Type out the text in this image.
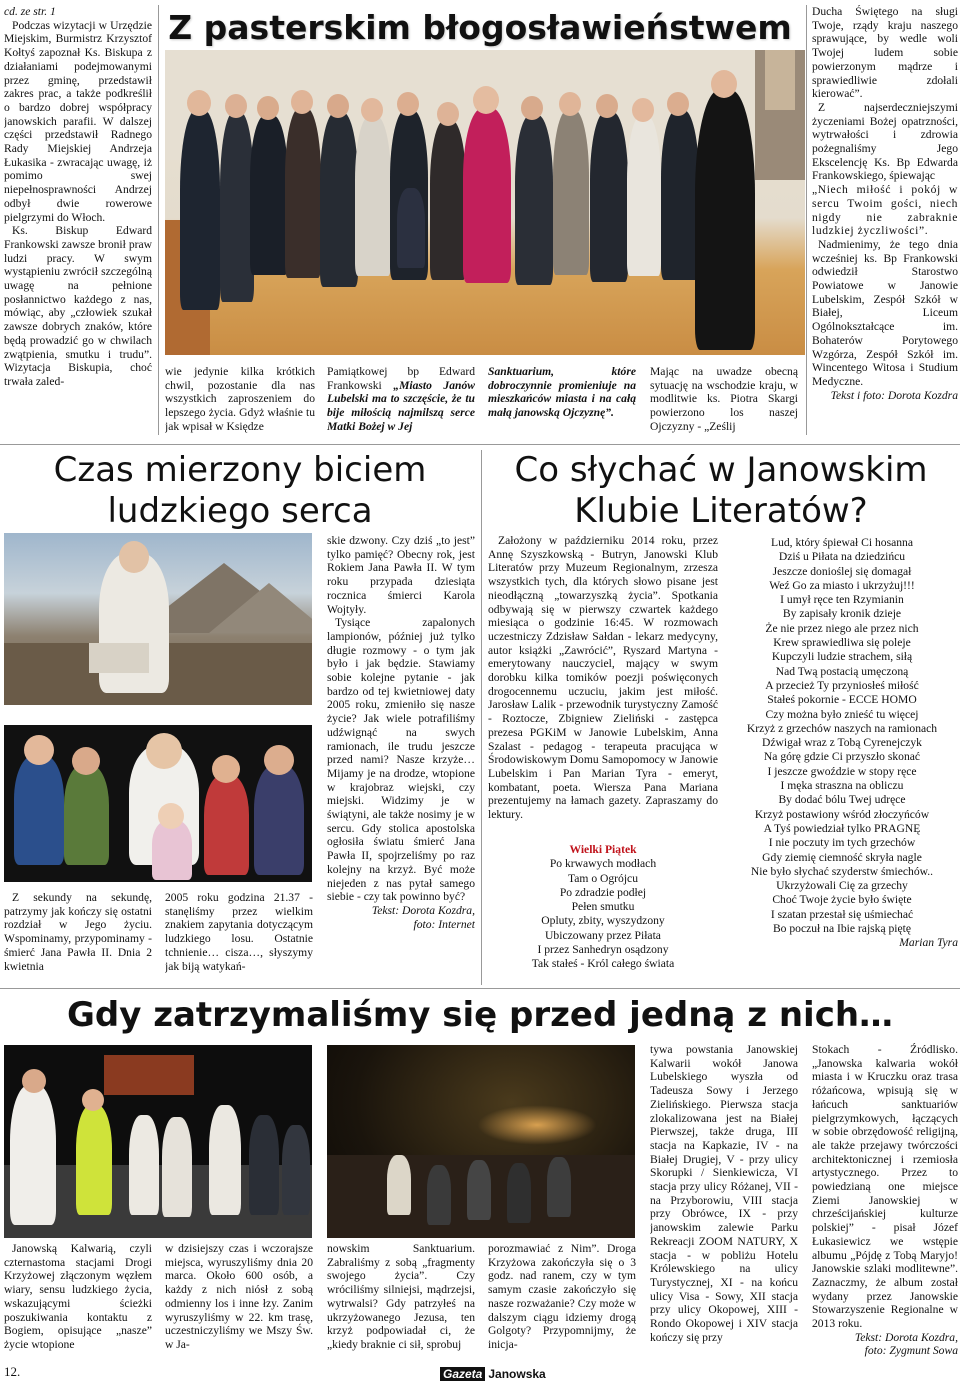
cd. ze str. 1

Podczas wizytacji w Urzędzie Miejskim, Burmistrz Krzysztof Kołtyś zapoznał Ks. Biskupa z działaniami podejmowanymi przez gminę, przedstawił zakres prac, a także podkreślił o bardzo dobrej współpracy janowskich parafii. W dalszej części przedstawił Radnego Rady Miejskiej Andrzeja Łukasika - zwracając uwagę, iż pomimo swej niepełnosprawności Andrzej odbył dwie rowerowe pielgrzymi do Włoch.

Ks. Biskup Edward Frankowski zawsze bronił praw ludzi pracy. W swym wystąpieniu zwrócił szczególną uwagę na pełnione posłannictwo każdego z nas, mówiąc, aby „człowiek szukał zawsze dobrych znaków, które będą prowadzić go w chwilach zwątpienia, smutku i trudu”. Wizytacja Biskupia, choć trwała zaled-

Z pasterskim błogosławieństwem

wie jedynie kilka krótkich chwil, pozostanie dla nas wszystkich zaproszeniem do lepszego życia. Gdyż właśnie tu jak wpisał w Księdze

Pamiątkowej bp Edward Frankowski „Miasto Janów Lubelski ma to szczęście, że tu bije miłością najmilszą serce Matki Bożej w Jej

Sanktuarium, które dobroczynnie promieniuje na mieszkańców miasta i na całą małą janowską Ojczyznę”.

Mając na uwadze obecną sytuację na wschodzie kraju, w modlitwie ks. Piotra Skargi powierzono los naszej Ojczyzny - „Ześlij

Ducha Świętego na sługi Twoje, rządy kraju naszego sprawujące, by wedle woli Twojej ludem sobie powierzonym mądrze i sprawiedliwie zdołali kierować”.

Z najserdeczniejszymi życzeniami Bożej opatrzności, wytrwałości i zdrowia pożegnaliśmy Jego Ekscelencję Ks. Bp Edwarda Frankowskiego, śpiewając

„Niech miłość i pokój w sercu Twoim gości, niech nigdy nie zabraknie ludzkiej życzliwości”.

Nadmienimy, że tego dnia wcześniej ks. Bp Frankowski odwiedził Starostwo Powiatowe w Janowie Lubelskim, Zespół Szkół w Białej, Liceum Ogólnokształcące im. Bohaterów Porytowego Wzgórza, Zespół Szkół im. Wincentego Witosa i Studium Medyczne.

Tekst i foto: Dorota Kozdra

Czas mierzony biciem
ludzkiego serca

Z sekundy na sekundę, patrzymy jak kończy się ostatni rozdział w Jego życiu. Wspominamy, przypominamy - śmierć Jana Pawła II. Dnia 2 kwietnia

2005 roku godzina 21.37 - stanęliśmy przez wielkim znakiem zapytania dotyczącym ludzkiego losu. Ostatnie tchnienie… cisza…, słyszymy jak biją watykań-

skie dzwony. Czy dziś „to jest” tylko pamięć? Obecny rok, jest Rokiem Jana Pawła II. W tym roku przypada dziesiąta rocznica śmierci Karola Wojtyły.

Tysiące zapalonych lampionów, później już tylko długie rozmowy - o tym jak było i jak będzie. Stawiamy sobie kolejne pytanie - jak bardzo od tej kwietniowej daty 2005 roku, zmieniło się nasze życie? Jak wiele potrafiliśmy udźwignąć na swych ramionach, ile trudu jeszcze przed nami? Nasze krzyże… Mijamy je na drodze, wtopione w krajobraz wiejski, czy miejski. Widzimy je w świątyni, ale także nosimy je w sercu. Gdy stolica apostolska ogłosiła światu śmierć Jana Pawła II, spojrzeliśmy po raz kolejny na krzyż. Być może niejeden z nas pytał samego siebie - czy tak powinno być?

Tekst: Dorota Kozdra,

foto: Internet

Co słychać w Janowskim
Klubie Literatów?

Założony w październiku 2014 roku, przez Annę Szyszkowską - Butryn, Janowski Klub Literatów przy Muzeum Regionalnym, zrzesza wszystkich tych, dla których słowo pisane jest nieodłączną „towarzyszką życia”. Spotkania odbywają się w pierwszy czwartek każdego miesiąca o godzinie 16:45. W rozmowach uczestniczy Zdzisław Sałdan - lekarz medycyny, autor książki „Zawrócić”, Ryszard Martyna - emerytowany nauczyciel, mający w swym dorobku kilka tomików poezji poświęconych drogocennemu uczuciu, jakim jest miłość. Jarosław Lalik - przewodnik turystyczny Zamość - Roztocze, Zbigniew Zieliński - zastępca prezesa PGKiM w Janowie Lubelskim, Anna Szalast - pedagog - terapeuta pracująca w Środowiskowym Domu Samopomocy w Janowie Lubelskim i Pan Marian Tyra - emeryt, kombatant, poeta. Wiersza Pana Mariana prezentujemy na łamach gazety. Zapraszamy do lektury.

Wielki Piątek
Po krwawych modłach
Tam o Ogrójcu
Po zdradzie podłej
Pełen smutku
Opluty, zbity, wyszydzony
Ubiczowany przez Piłata
I przez Sanhedryn osądzony
Tak stałeś - Król całego świata
Lud, który śpiewał Ci hosanna
Dziś u Piłata na dziedzińcu
Jeszcze donioślej się domagał
Weź Go za miasto i ukrzyżuj!!!
I umył ręce ten Rzymianin
By zapisały kronik dzieje
Że nie przez niego ale przez nich
Krew sprawiedliwa się poleje
Kupczyli ludzie strachem, siłą
Nad Twą postacią umęczoną
A przecież Ty przyniosłeś miłość
Stałeś pokornie - ECCE HOMO
Czy można było znieść tu więcej
Krzyż z grzechów naszych na ramionach
Dźwigał wraz z Tobą Cyrenejczyk
Na górę gdzie Ci przyszło skonać
I jeszcze gwoździe w stopy ręce
I męka straszna na obliczu
By dodać bólu Twej udręce
Krzyż postawiony wśród złoczyńców
A Tyś powiedział tylko PRAGNĘ
I nie poczuty im tych grzechów
Gdy ziemię ciemność skryła nagle
Nie było słychać szyderstw śmiechów..
Ukrzyżowali Cię za grzechy
Choć Twoje życie było święte
I szatan przestał się uśmiechać
Bo poczuł na Ibie rajską piętę
Marian Tyra
Gdy zatrzymaliśmy się przed jedną z nich…

Janowską Kalwarią, czyli czternastoma stacjami Drogi Krzyżowej złączonym węzłem wiary, sensu ludzkiego życia, wskazującymi ścieżki poszukiwania kontaktu z Bogiem, opisujące „nasze” życie wtopione

w dzisiejszy czas i wczorajsze miejsca, wyruszyliśmy dnia 20 marca. Około 600 osób, a każdy z nich niósł z sobą odmienny los i inne łzy. Zanim wyruszyliśmy w 22. km trasę, uczestniczyliśmy we Mszy Św. w Ja-

nowskim Sanktuarium. Zabraliśmy z sobą „fragmenty swojego życia”. Czy wróciliśmy silniejsi, mądrzejsi, wytrwalsi? Gdy patrzyłeś na ukrzyżowanego Jezusa, ten krzyż podpowiadał ci, że „kiedy braknie ci sił, sprobuj

porozmawiać z Nim”. Droga Krzyżowa zakończyła się o 3 godz. nad ranem, czy w tym samym czasie zakończyło się nasze rozważanie? Czy może w dalszym ciągu idziemy drogą Golgoty? Przypomnijmy, że inicja-

tywa powstania Janowskiej Kalwarii wokół Janowa Lubelskiego wyszła od Tadeusza Sowy i Jerzego Zielińskiego. Pierwsza stacja zlokalizowana jest na Białej Pierwszej, także druga, III stacja na Kapkazie, IV - na Białej Drugiej, V - przy ulicy Skorupki / Sienkiewicza, VI stacja przy ulicy Różanej, VII - na Przyborowiu, VIII stacja przy Obrówce, IX - przy janowskim zalewie Parku Rekreacji ZOOM NATURY, X stacja - w pobliżu Hotelu Królewskiego na ulicy Turystycznej, XI - na końcu ulicy Visa - Sowy, XII stacja przy ulicy Okopowej, XIII - Rondo Okopowej i XIV stacja kończy się przy

Stokach - Źródlisko. „Janowska kalwaria wokół miasta i w Kruczku oraz trasa różańcowa, wpisują się w łańcuch sanktuariów pielgrzymkowych, łączących w sobie obrzędowość religijną, ale także przejawy twórczości architektonicznej i rzemiosła artystycznego. Przez to powiedzianą one miejsce Ziemi Janowskiej w chrześcijańskiej kulturze polskiej” - pisał Józef Łukasiewicz we wstępie albumu „Pójdę z Tobą Maryjo! Janowskie szlaki modlitewne”. Zaznaczmy, że album został wydany przez Janowskie Stowarzyszenie Regionalne w 2013 roku.

Tekst: Dorota Kozdra,

foto: Zygmunt Sowa

12.	Gazeta Janowska
